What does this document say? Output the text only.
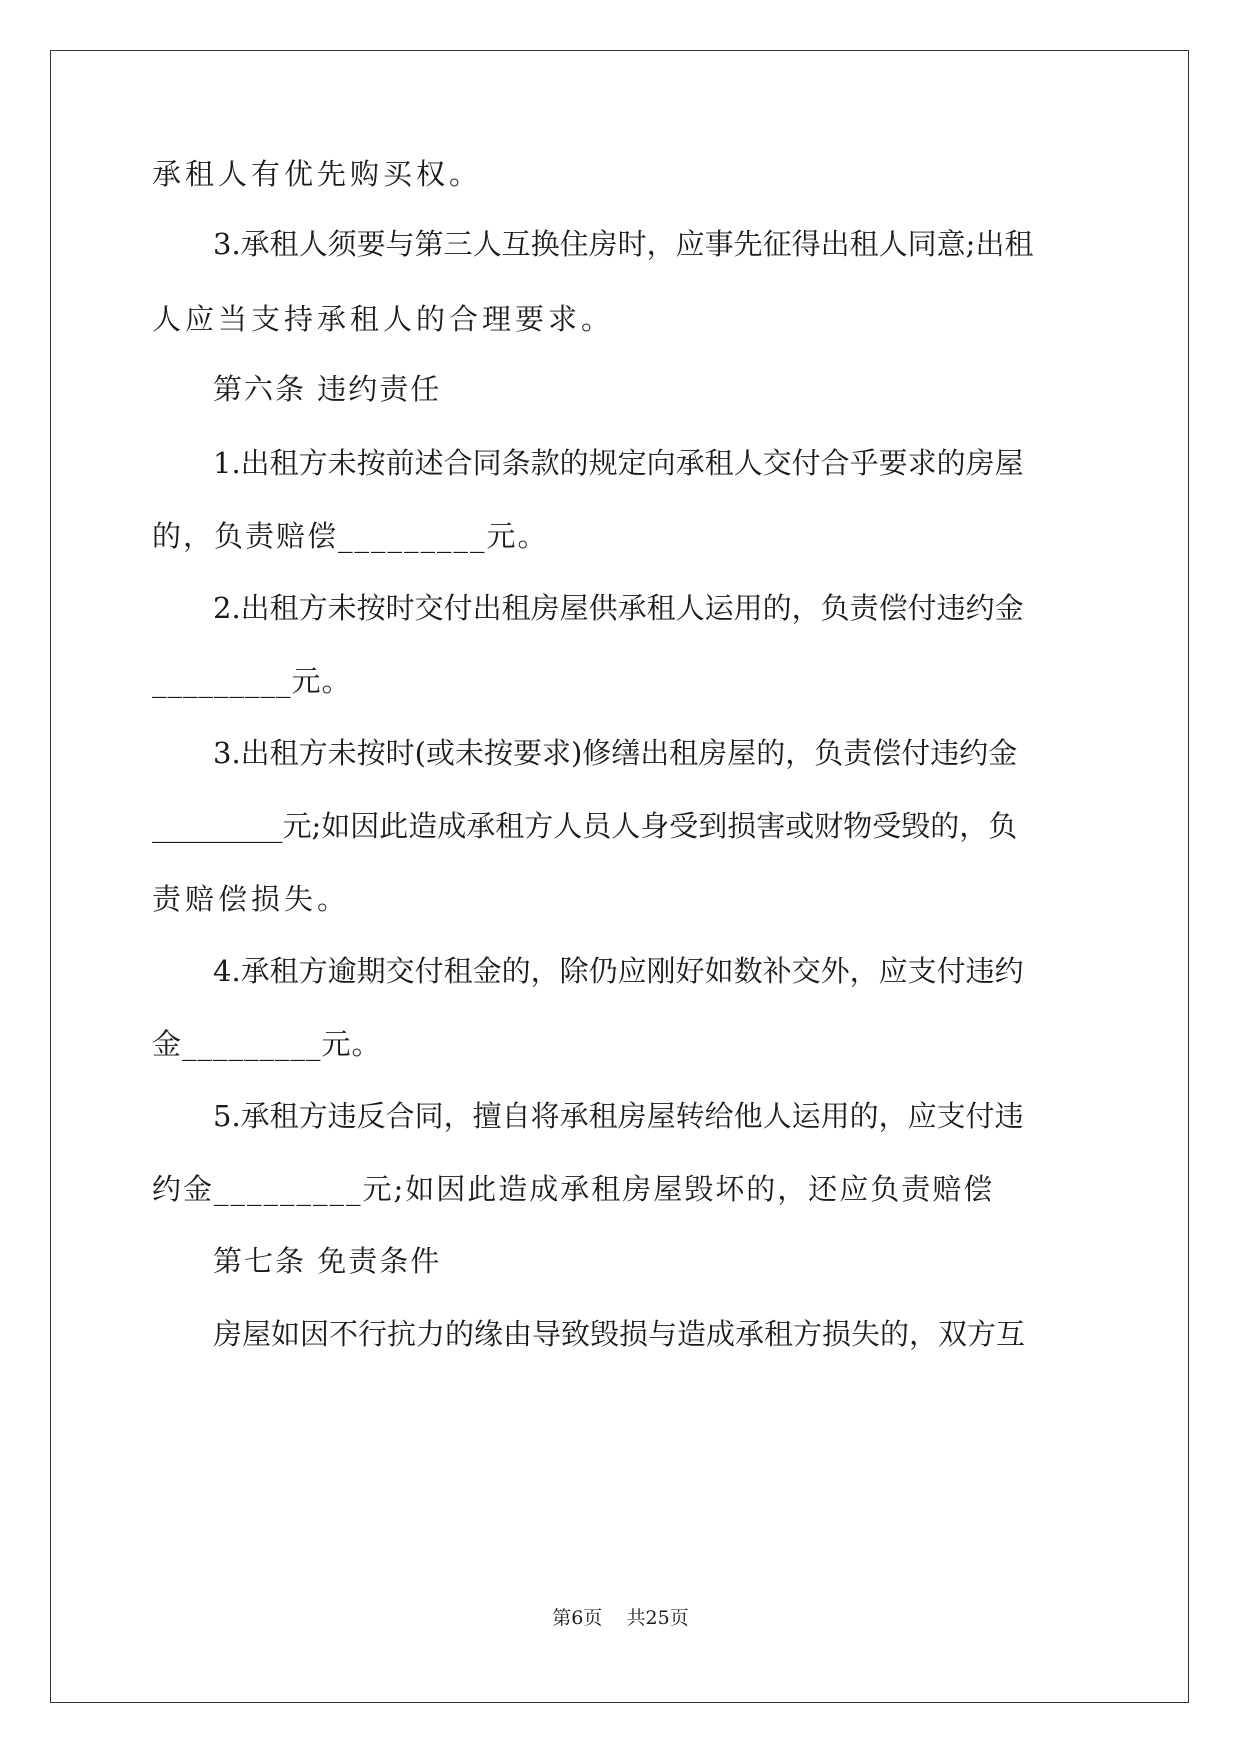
承租人有优先购买权。
3.承租人须要与第三人互换住房时，应事先征得出租人同意;出租
人应当支持承租人的合理要求。
第六条 违约责任
1.出租方未按前述合同条款的规定向承租人交付合乎要求的房屋
的，负责赔偿_________元。
2.出租方未按时交付出租房屋供承租人运用的，负责偿付违约金
_________元。
3.出租方未按时(或未按要求)修缮出租房屋的，负责偿付违约金
_________元;如因此造成承租方人员人身受到损害或财物受毁的，负
责赔偿损失。
4.承租方逾期交付租金的，除仍应刚好如数补交外，应支付违约
金_________元。
5.承租方违反合同，擅自将承租房屋转给他人运用的，应支付违
约金_________元;如因此造成承租房屋毁坏的，还应负责赔偿
第七条 免责条件
房屋如因不行抗力的缘由导致毁损与造成承租方损失的，双方互
第6页    共25页
